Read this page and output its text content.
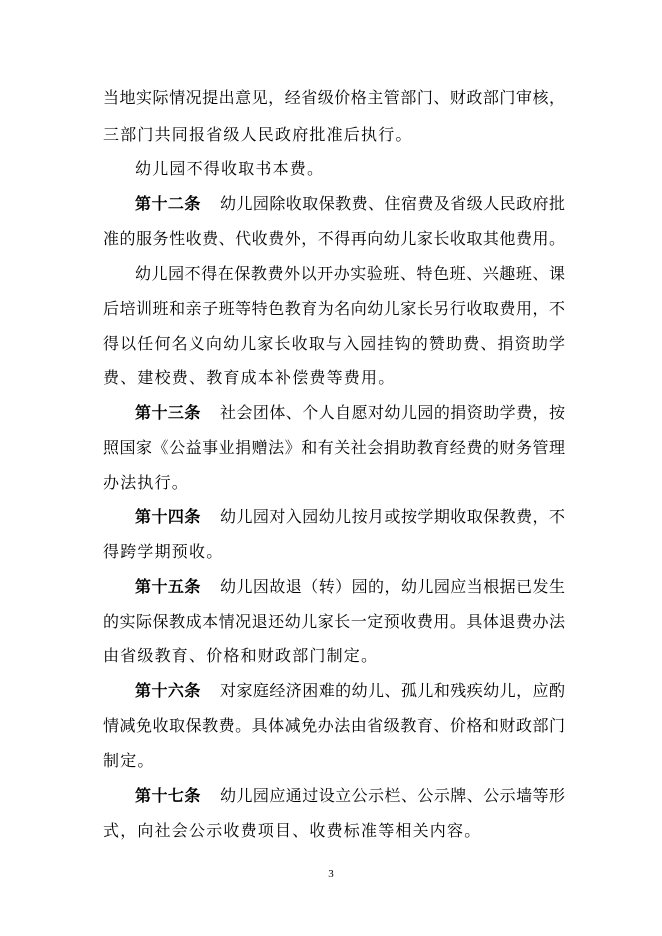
当地实际情况提出意见，经省级价格主管部门、财政部门审核，
三部门共同报省级人民政府批准后执行。
幼儿园不得收取书本费。
第十二条 幼儿园除收取保教费、住宿费及省级人民政府批
准的服务性收费、代收费外，不得再向幼儿家长收取其他费用。
幼儿园不得在保教费外以开办实验班、特色班、兴趣班、课
后培训班和亲子班等特色教育为名向幼儿家长另行收取费用，不
得以任何名义向幼儿家长收取与入园挂钩的赞助费、捐资助学
费、建校费、教育成本补偿费等费用。
第十三条 社会团体、个人自愿对幼儿园的捐资助学费，按
照国家《公益事业捐赠法》和有关社会捐助教育经费的财务管理
办法执行。
第十四条 幼儿园对入园幼儿按月或按学期收取保教费，不
得跨学期预收。
第十五条 幼儿因故退（转）园的，幼儿园应当根据已发生
的实际保教成本情况退还幼儿家长一定预收费用。具体退费办法
由省级教育、价格和财政部门制定。
第十六条 对家庭经济困难的幼儿、孤儿和残疾幼儿，应酌
情减免收取保教费。具体减免办法由省级教育、价格和财政部门
制定。
第十七条 幼儿园应通过设立公示栏、公示牌、公示墙等形
式，向社会公示收费项目、收费标准等相关内容。
3
